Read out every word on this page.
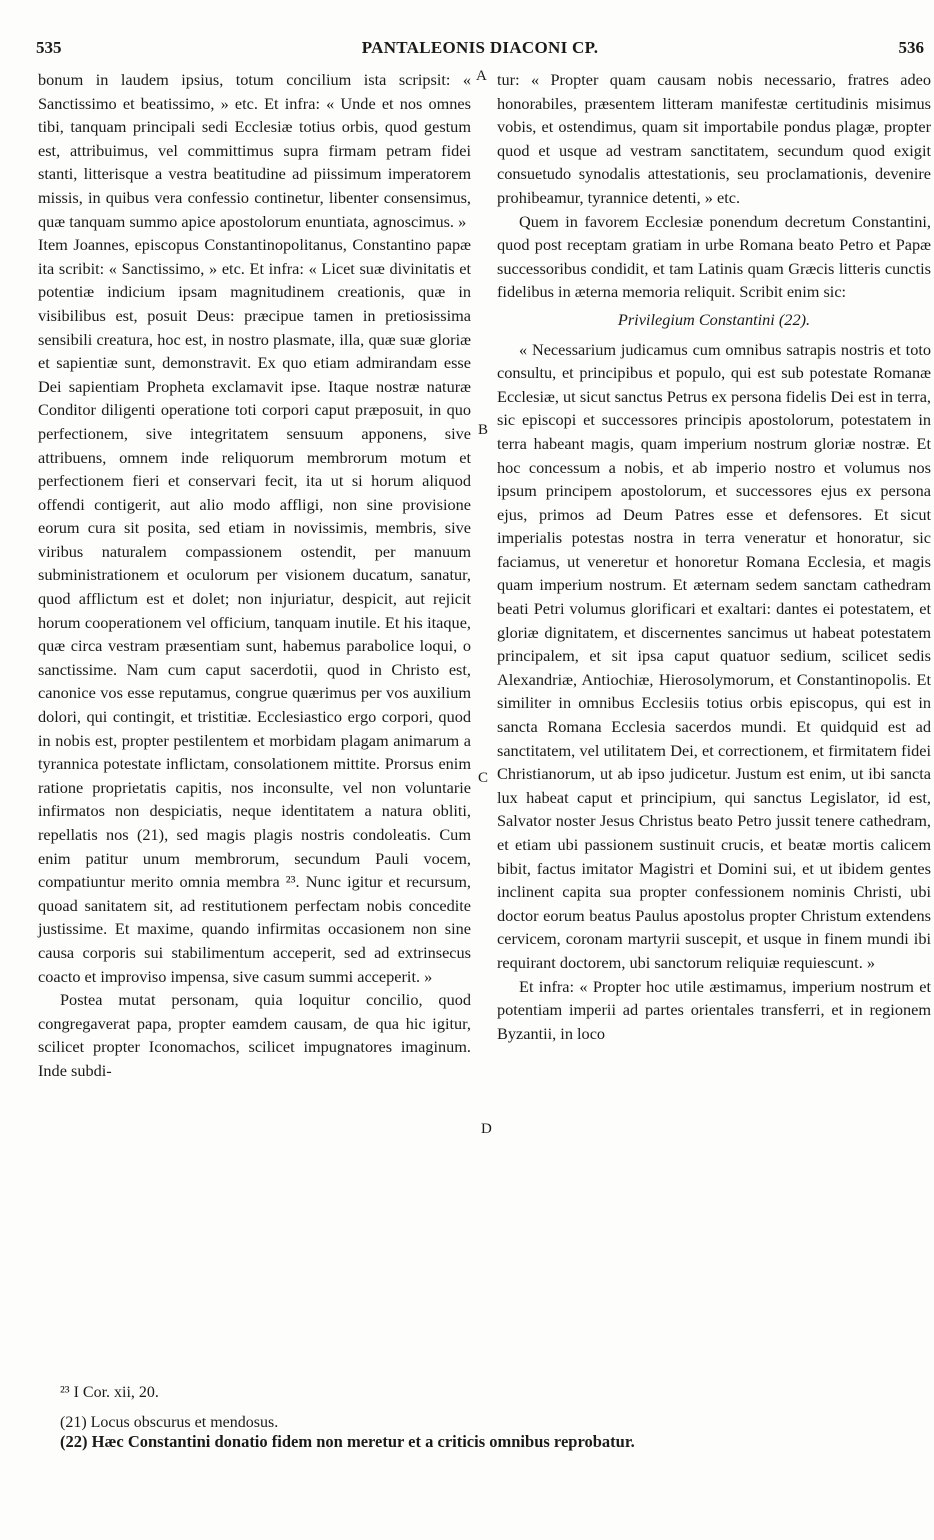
535	PANTALEONIS DIACONI CP.	536

bonum in laudem ipsius, totum concilium ista scripsit: « Sanctissimo et beatissimo, » etc. Et infra: « Unde et nos omnes tibi, tanquam principali sedi Ecclesiæ totius orbis, quod gestum est, attribuimus, vel committimus supra firmam petram fidei stanti, litterisque a vestra beatitudine ad piissimum imperatorem missis, in quibus vera confessio continetur, libenter consensimus, quæ tanquam summo apice apostolorum enuntiata, agnoscimus. »

Item Joannes, episcopus Constantinopolitanus, Constantino papæ ita scribit: « Sanctissimo, » etc. Et infra: « Licet suæ divinitatis et potentiæ indicium ipsam magnitudinem creationis, quæ in visibilibus est, posuit Deus: præcipue tamen in pretiosissima sensibili creatura, hoc est, in nostro plasmate, illa, quæ suæ gloriæ et sapientiæ sunt, demonstravit. Ex quo etiam admirandam esse Dei sapientiam Propheta exclamavit ipse. Itaque nostræ naturæ Conditor diligenti operatione toti corpori caput præposuit, in quo perfectionem, sive integritatem sensuum apponens, sive attribuens, omnem inde reliquorum membrorum motum et perfectionem fieri et conservari fecit, ita ut si horum aliquod offendi contigerit, aut alio modo affligi, non sine provisione eorum cura sit posita, sed etiam in novissimis, membris, sive viribus naturalem compassionem ostendit, per manuum subministrationem et oculorum per visionem ducatum, sanatur, quod afflictum est et dolet; non injuriatur, despicit, aut rejicit horum cooperationem vel officium, tanquam inutile. Et his itaque, quæ circa vestram præsentiam sunt, habemus parabolice loqui, o sanctissime. Nam cum caput sacerdotii, quod in Christo est, canonice vos esse reputamus, congrue quærimus per vos auxilium dolori, qui contingit, et tristitiæ. Ecclesiastico ergo corpori, quod in nobis est, propter pestilentem et morbidam plagam animarum a tyrannica potestate inflictam, consolationem mittite. Prorsus enim ratione proprietatis capitis, nos inconsulte, vel non voluntarie infirmatos non despiciatis, neque identitatem a natura obliti, repellatis nos (21), sed magis plagis nostris condoleatis. Cum enim patitur unum membrorum, secundum Pauli vocem, compatiuntur merito omnia membra ²³. Nunc igitur et recursum, quoad sanitatem sit, ad restitutionem perfectam nobis concedite justissime. Et maxime, quando infirmitas occasionem non sine causa corporis sui stabilimentum acceperit, sed ad extrinsecus coacto et improviso impensa, sive casum summi acceperit. »

Postea mutat personam, quia loquitur concilio, quod congregaverat papa, propter eamdem causam, de qua hic igitur, scilicet propter Iconomachos, scilicet impugnatores imaginum. Inde subdi-

tur: « Propter quam causam nobis necessario, fratres adeo honorabiles, præsentem litteram manifestæ certitudinis misimus vobis, et ostendimus, quam sit importabile pondus plagæ, propter quod et usque ad vestram sanctitatem, secundum quod exigit consuetudo synodalis attestationis, seu proclamationis, devenire prohibeamur, tyrannice detenti, » etc.

Quem in favorem Ecclesiæ ponendum decretum Constantini, quod post receptam gratiam in urbe Romana beato Petro et Papæ successoribus condidit, et tam Latinis quam Græcis litteris cunctis fidelibus in æterna memoria reliquit. Scribit enim sic:

Privilegium Constantini (22).

« Necessarium judicamus cum omnibus satrapis nostris et toto consultu, et principibus et populo, qui est sub potestate Romanæ Ecclesiæ, ut sicut sanctus Petrus ex persona fidelis Dei est in terra, sic episcopi et successores principis apostolorum, potestatem in terra habeant magis, quam imperium nostrum gloriæ nostræ. Et hoc concessum a nobis, et ab imperio nostro et volumus nos ipsum principem apostolorum, et successores ejus ex persona ejus, primos ad Deum Patres esse et defensores. Et sicut imperialis potestas nostra in terra veneratur et honoratur, sic faciamus, ut veneretur et honoretur Romana Ecclesia, et magis quam imperium nostrum. Et æternam sedem sanctam cathedram beati Petri volumus glorificari et exaltari: dantes ei potestatem, et gloriæ dignitatem, et discernentes sancimus ut habeat potestatem principalem, et sit ipsa caput quatuor sedium, scilicet sedis Alexandriæ, Antiochiæ, Hierosolymorum, et Constantinopolis. Et similiter in omnibus Ecclesiis totius orbis episcopus, qui est in sancta Romana Ecclesia sacerdos mundi. Et quidquid est ad sanctitatem, vel utilitatem Dei, et correctionem, et firmitatem fidei Christianorum, ut ab ipso judicetur. Justum est enim, ut ibi sancta lux habeat caput et principium, qui sanctus Legislator, id est, Salvator noster Jesus Christus beato Petro jussit tenere cathedram, et etiam ubi passionem sustinuit crucis, et beatæ mortis calicem bibit, factus imitator Magistri et Domini sui, et ut ibidem gentes inclinent capita sua propter confessionem nominis Christi, ubi doctor eorum beatus Paulus apostolus propter Christum extendens cervicem, coronam martyrii suscepit, et usque in finem mundi ibi requirant doctorem, ubi sanctorum reliquiæ requiescunt. »

Et infra: « Propter hoc utile æstimamus, imperium nostrum et potentiam imperii ad partes orientales transferri, et in regionem Byzantii, in loco

A
B
C
D
²³ I Cor. xii, 20.
(21) Locus obscurus et mendosus.
(22) Hæc Constantini donatio fidem non meretur et a criticis omnibus reprobatur.
